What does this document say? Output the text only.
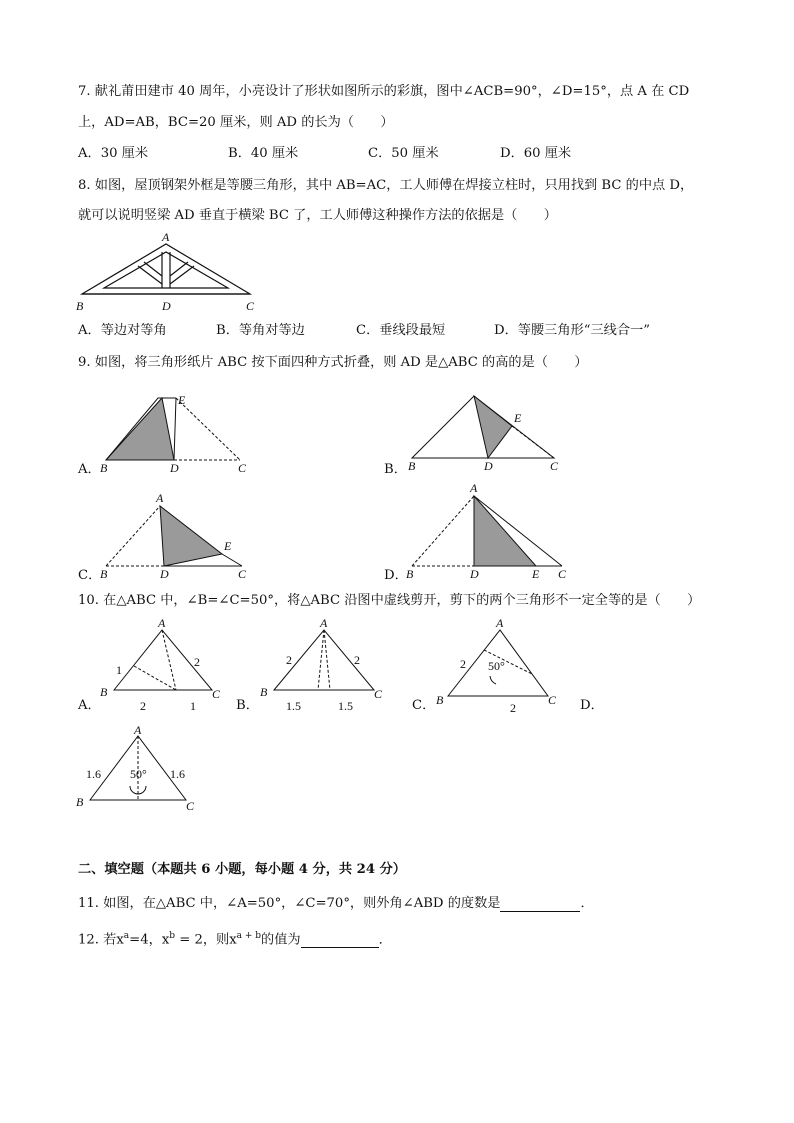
7. 献礼莆田建市 40 周年，小亮设计了形状如图所示的彩旗，图中∠ACB=90°，∠D=15°，点 A 在 CD
上，AD=AB，BC=20 厘米，则 AD 的长为（　　）
A．30 厘米	B．40 厘米	C．50 厘米	D．60 厘米
8. 如图，屋顶钢架外框是等腰三角形，其中 AB=AC，工人师傅在焊接立柱时，只用找到 BC 的中点 D，
就可以说明竖梁 AD 垂直于横梁 BC 了，工人师傅这种操作方法的依据是（　　）
A
B	D	C
A．等边对等角	B．等角对等边	C．垂线段最短	D．等腰三角形“三线合一”
9. 如图，将三角形纸片 ABC 按下面四种方式折叠，则 AD 是△ABC 的高的是（　　）
A． B	D	C
E
B． B	D	C
E
C．
A
B	D	C
E
D．
A
B	D	E C
10. 在△ABC 中，∠B=∠C=50°，将△ABC 沿图中虚线剪开，剪下的两个三角形不一定全等的是（　　）
A．
A
B	C
1
2
2	1	B．
A
B	C
2	2
1.5	1.5	C．
A
B	C
2 50°
2	D．
A
B	C
1.6	1.6
50°
二、填空题（本题共 6 小题，每小题 4 分，共 24 分）
11. 如图，在△ABC 中，∠A=50°，∠C=70°，则外角∠ABD 的度数是	．
12. 若$x^a=4$，$x^b = 2$，则$x^{a + b}$的值为	．
